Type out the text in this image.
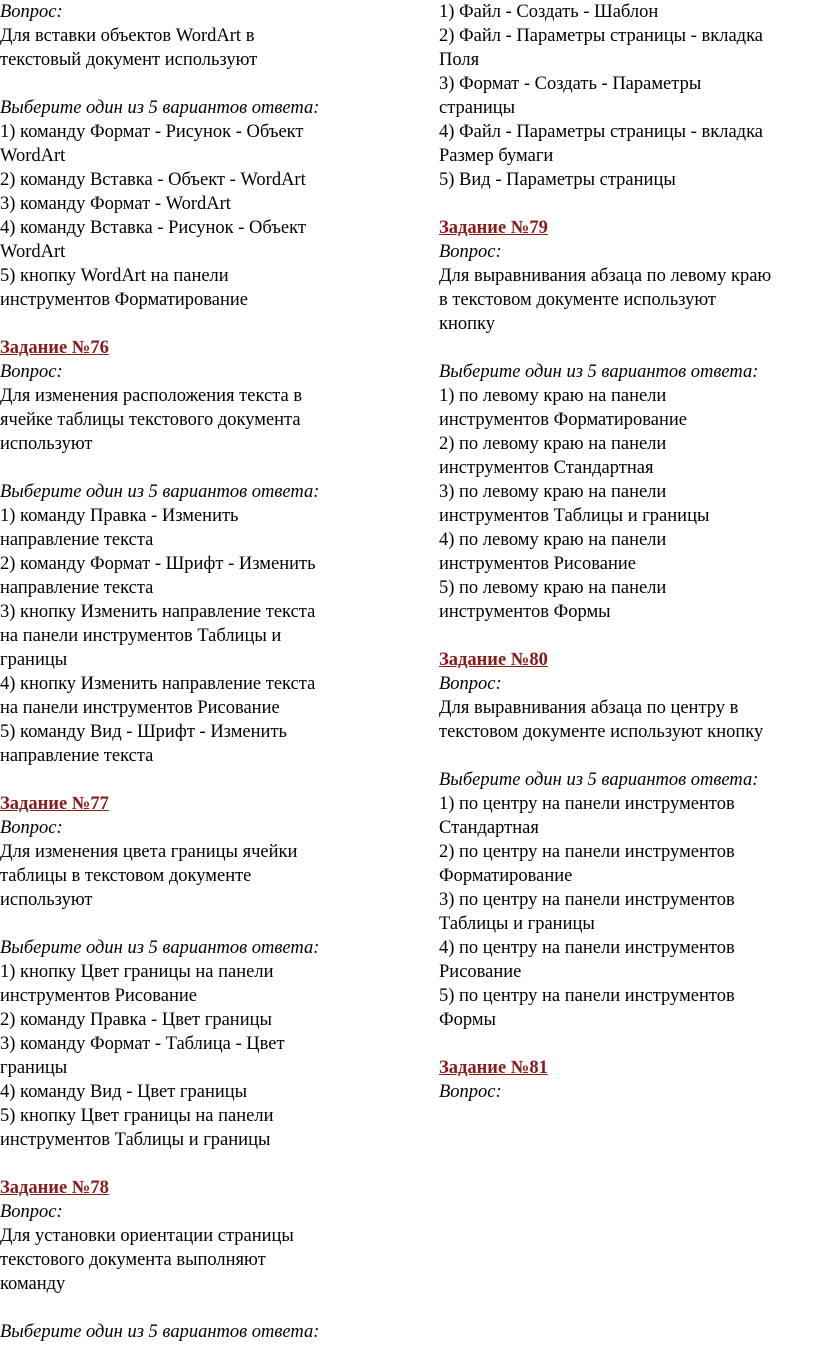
Вопрос:

Для вставки объектов WordArt в

текстовый документ используют

Выберите один из 5 вариантов ответа:

1) команду Формат - Рисунок - Объект

WordArt

2) команду Вставка - Объект - WordArt

3) команду Формат - WordArt

4) команду Вставка - Рисунок - Объект

WordArt

5) кнопку WordArt на панели

инструментов Форматирование

Задание №76

Вопрос:

Для изменения расположения текста в

ячейке таблицы текстового документа

используют

Выберите один из 5 вариантов ответа:

1) команду Правка - Изменить

направление текста

2) команду Формат - Шрифт - Изменить

направление текста

3) кнопку Изменить направление текста

на панели инструментов Таблицы и

границы

4) кнопку Изменить направление текста

на панели инструментов Рисование

5) команду Вид - Шрифт - Изменить

направление текста

Задание №77

Вопрос:

Для изменения цвета границы ячейки

таблицы в текстовом документе

используют

Выберите один из 5 вариантов ответа:

1) кнопку Цвет границы на панели

инструментов Рисование

2) команду Правка - Цвет границы

3) команду Формат - Таблица - Цвет

границы

4) команду Вид - Цвет границы

5) кнопку Цвет границы на панели

инструментов Таблицы и границы

Задание №78

Вопрос:

Для установки ориентации страницы

текстового документа выполняют

команду

Выберите один из 5 вариантов ответа:

1) Файл - Создать - Шаблон

2) Файл - Параметры страницы - вкладка

Поля

3) Формат - Создать - Параметры

страницы

4) Файл - Параметры страницы - вкладка

Размер бумаги

5) Вид - Параметры страницы

Задание №79

Вопрос:

Для выравнивания абзаца по левому краю

в текстовом документе используют

кнопку

Выберите один из 5 вариантов ответа:

1) по левому краю на панели

инструментов Форматирование

2) по левому краю на панели

инструментов Стандартная

3) по левому краю на панели

инструментов Таблицы и границы

4) по левому краю на панели

инструментов Рисование

5) по левому краю на панели

инструментов Формы

Задание №80

Вопрос:

Для выравнивания абзаца по центру в

текстовом документе используют кнопку

Выберите один из 5 вариантов ответа:

1) по центру на панели инструментов

Стандартная

2) по центру на панели инструментов

Форматирование

3) по центру на панели инструментов

Таблицы и границы

4) по центру на панели инструментов

Рисование

5) по центру на панели инструментов

Формы

Задание №81

Вопрос:
